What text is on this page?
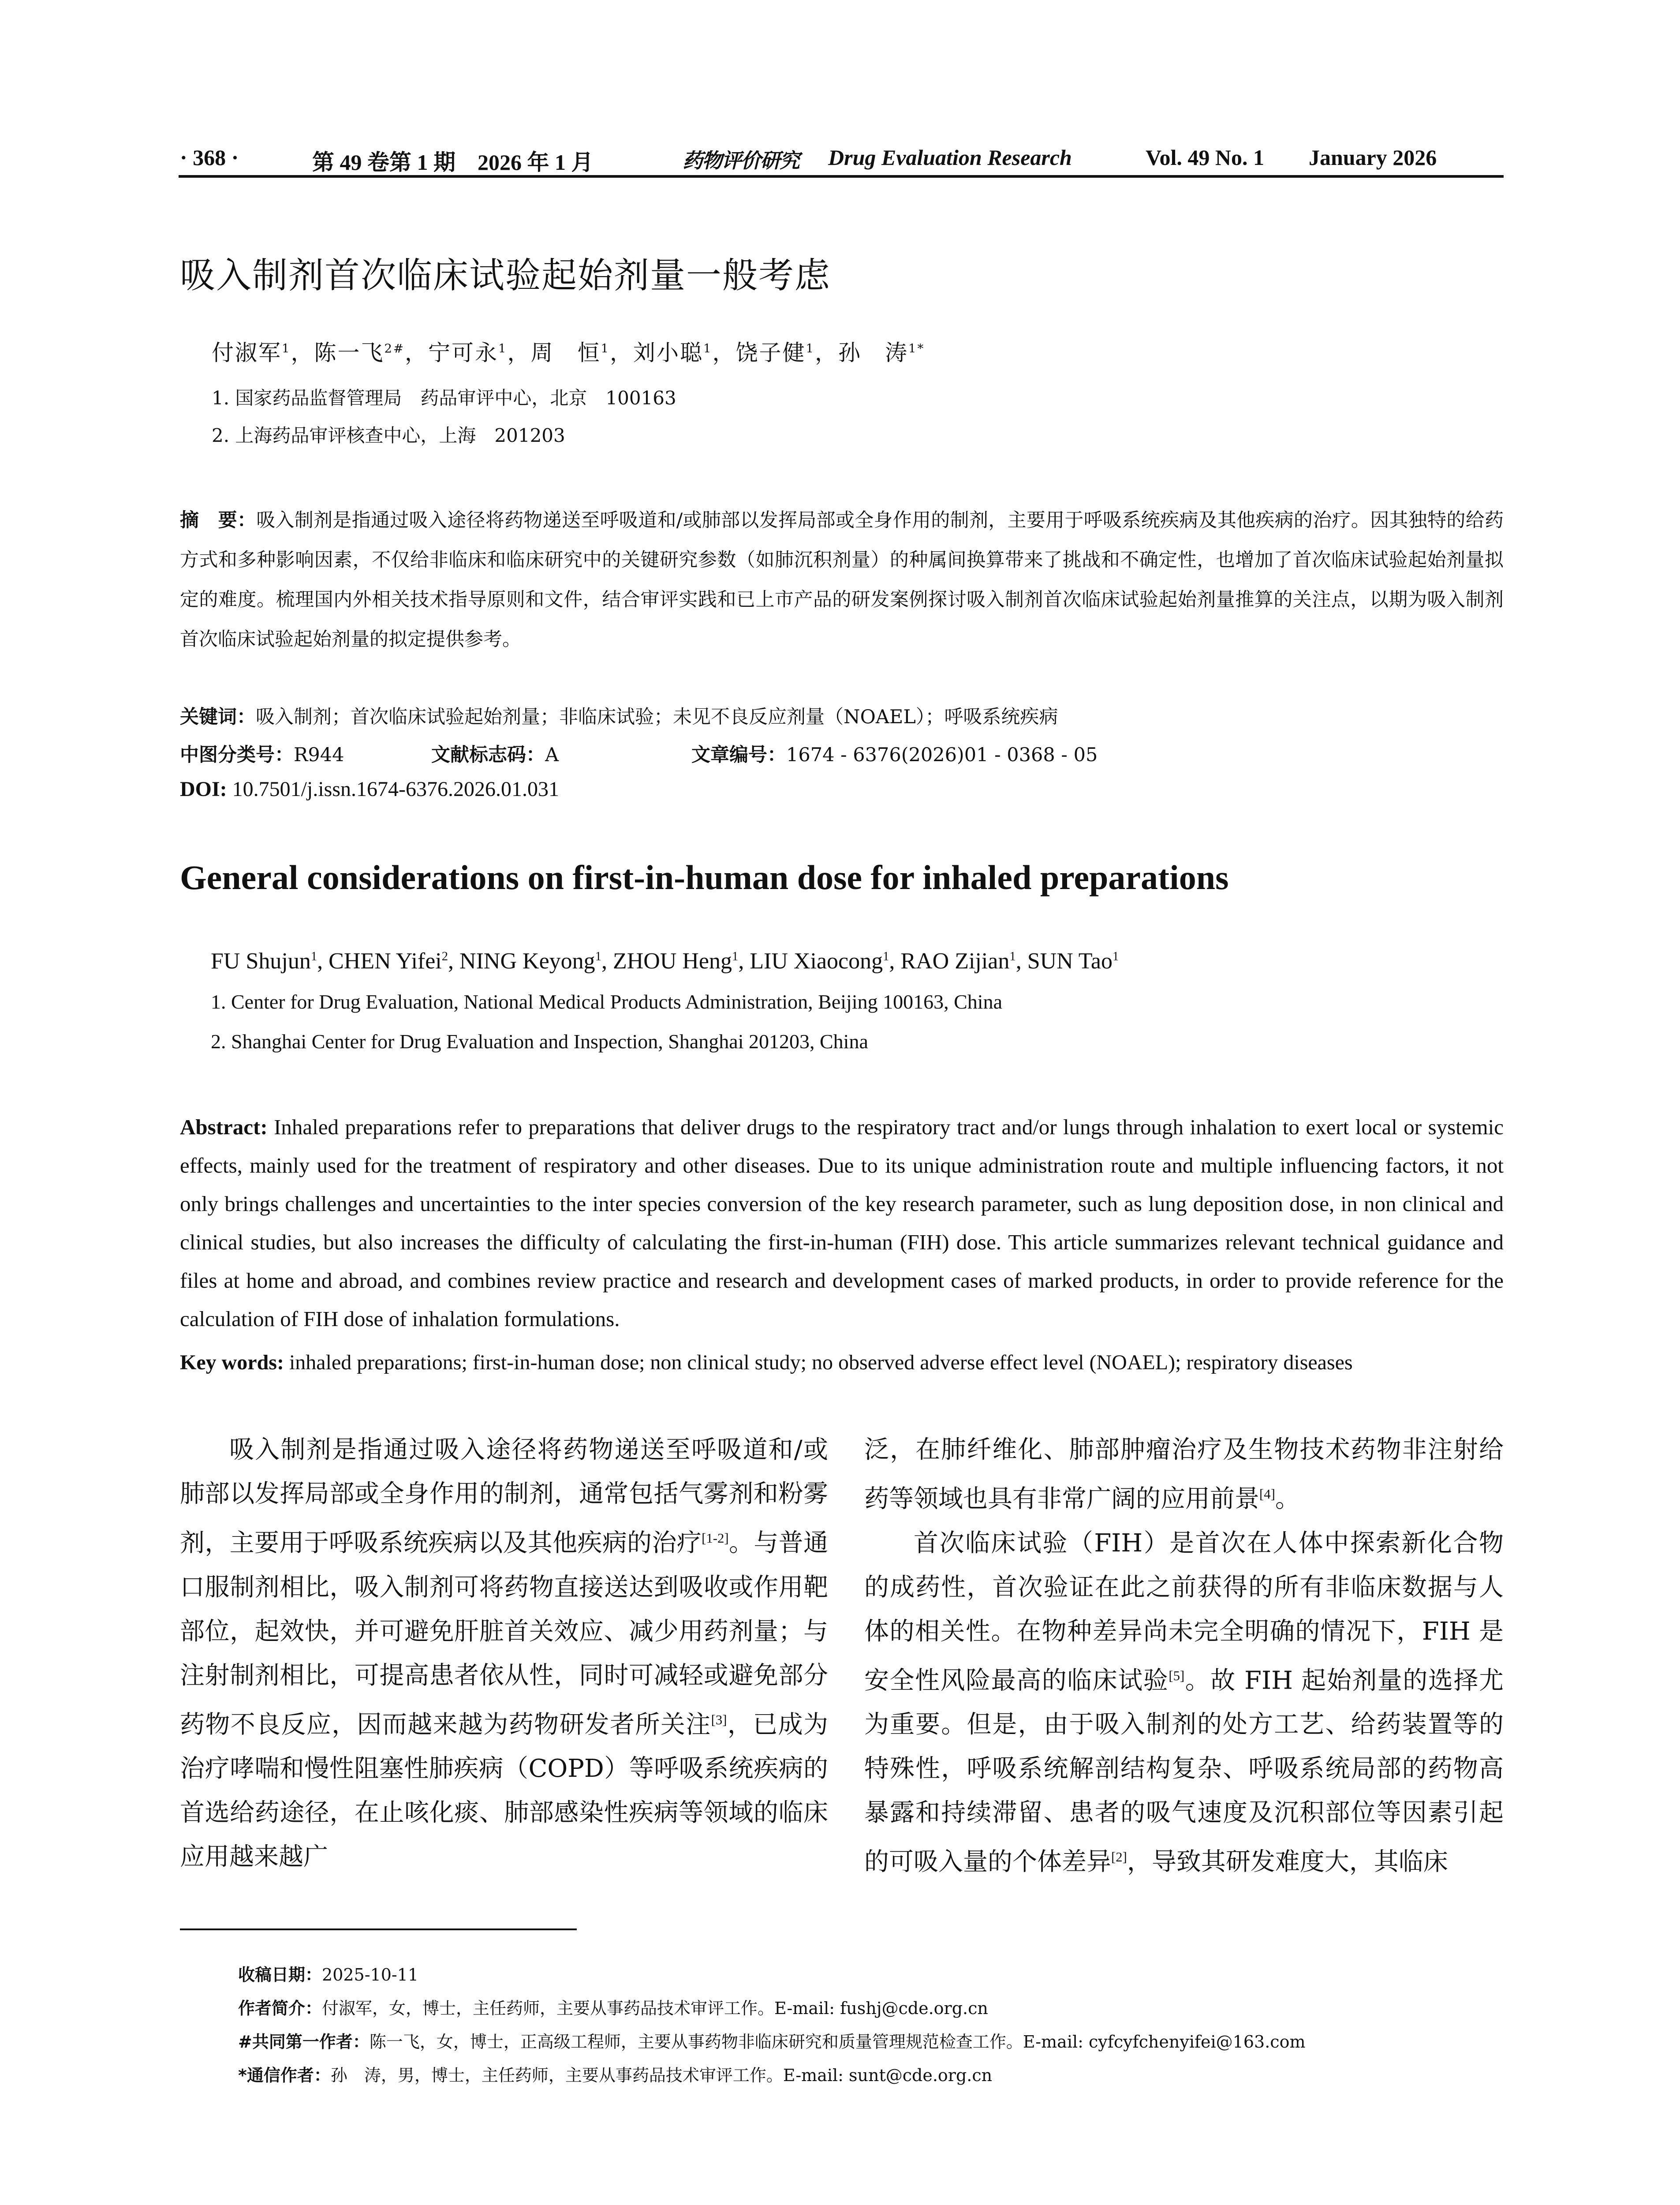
· 368 ·	第 49 卷第 1 期　2026 年 1 月	药物评价研究 Drug Evaluation Research	Vol. 49 No. 1 January 2026
吸入制剂首次临床试验起始剂量一般考虑
付淑军$^1$，陈一飞$^{2\#}$，宁可永$^1$，周　恒$^1$，刘小聪$^1$，饶子健$^1$，孙　涛$^{1*}$
1. 国家药品监督管理局　药品审评中心，北京　100163
2. 上海药品审评核查中心，上海　201203
摘　要：吸入制剂是指通过吸入途径将药物递送至呼吸道和/或肺部以发挥局部或全身作用的制剂，主要用于呼吸系统疾病及其他疾病的治疗。因其独特的给药方式和多种影响因素，不仅给非临床和临床研究中的关键研究参数（如肺沉积剂量）的种属间换算带来了挑战和不确定性，也增加了首次临床试验起始剂量拟定的难度。梳理国内外相关技术指导原则和文件，结合审评实践和已上市产品的研发案例探讨吸入制剂首次临床试验起始剂量推算的关注点，以期为吸入制剂首次临床试验起始剂量的拟定提供参考。
关键词：吸入制剂；首次临床试验起始剂量；非临床试验；未见不良反应剂量（NOAEL）；呼吸系统疾病
中图分类号：R944	文献标志码：A	文章编号：1674 - 6376(2026)01 - 0368 - 05
DOI: 10.7501/j.issn.1674-6376.2026.01.031
General considerations on first-in-human dose for inhaled preparations
FU Shujun$^1$, CHEN Yifei$^2$, NING Keyong$^1$, ZHOU Heng$^1$, LIU Xiaocong$^1$, RAO Zijian$^1$, SUN Tao$^1$
1. Center for Drug Evaluation, National Medical Products Administration, Beijing 100163, China
2. Shanghai Center for Drug Evaluation and Inspection, Shanghai 201203, China
Abstract: Inhaled preparations refer to preparations that deliver drugs to the respiratory tract and/or lungs through inhalation to exert local or systemic effects, mainly used for the treatment of respiratory and other diseases. Due to its unique administration route and multiple influencing factors, it not only brings challenges and uncertainties to the inter species conversion of the key research parameter, such as lung deposition dose, in non clinical and clinical studies, but also increases the difficulty of calculating the first-in-human (FIH) dose. This article summarizes relevant technical guidance and files at home and abroad, and combines review practice and research and development cases of marked products, in order to provide reference for the calculation of FIH dose of inhalation formulations.
Key words: inhaled preparations; first-in-human dose; non clinical study; no observed adverse effect level (NOAEL); respiratory diseases

吸入制剂是指通过吸入途径将药物递送至呼吸道和/或肺部以发挥局部或全身作用的制剂，通常包括气雾剂和粉雾剂，主要用于呼吸系统疾病以及其他疾病的治疗[1-2]。与普通口服制剂相比，吸入制剂可将药物直接送达到吸收或作用靶部位，起效快，并可避免肝脏首关效应、减少用药剂量；与注射制剂相比，可提高患者依从性，同时可减轻或避免部分药物不良反应，因而越来越为药物研发者所关注[3]，已成为治疗哮喘和慢性阻塞性肺疾病（COPD）等呼吸系统疾病的首选给药途径，在止咳化痰、肺部感染性疾病等领域的临床应用越来越广

泛，在肺纤维化、肺部肿瘤治疗及生物技术药物非注射给药等领域也具有非常广阔的应用前景[4]。

首次临床试验（FIH）是首次在人体中探索新化合物的成药性，首次验证在此之前获得的所有非临床数据与人体的相关性。在物种差异尚未完全明确的情况下，FIH 是安全性风险最高的临床试验[5]。故 FIH 起始剂量的选择尤为重要。但是，由于吸入制剂的处方工艺、给药装置等的特殊性，呼吸系统解剖结构复杂、呼吸系统局部的药物高暴露和持续滞留、患者的吸气速度及沉积部位等因素引起的可吸入量的个体差异[2]，导致其研发难度大，其临床

收稿日期：2025-10-11
作者简介：付淑军，女，博士，主任药师，主要从事药品技术审评工作。E-mail: fushj@cde.org.cn
#共同第一作者：陈一飞，女，博士，正高级工程师，主要从事药物非临床研究和质量管理规范检查工作。E-mail: cyfcyfchenyifei@163.com
*通信作者：孙　涛，男，博士，主任药师，主要从事药品技术审评工作。E-mail: sunt@cde.org.cn
